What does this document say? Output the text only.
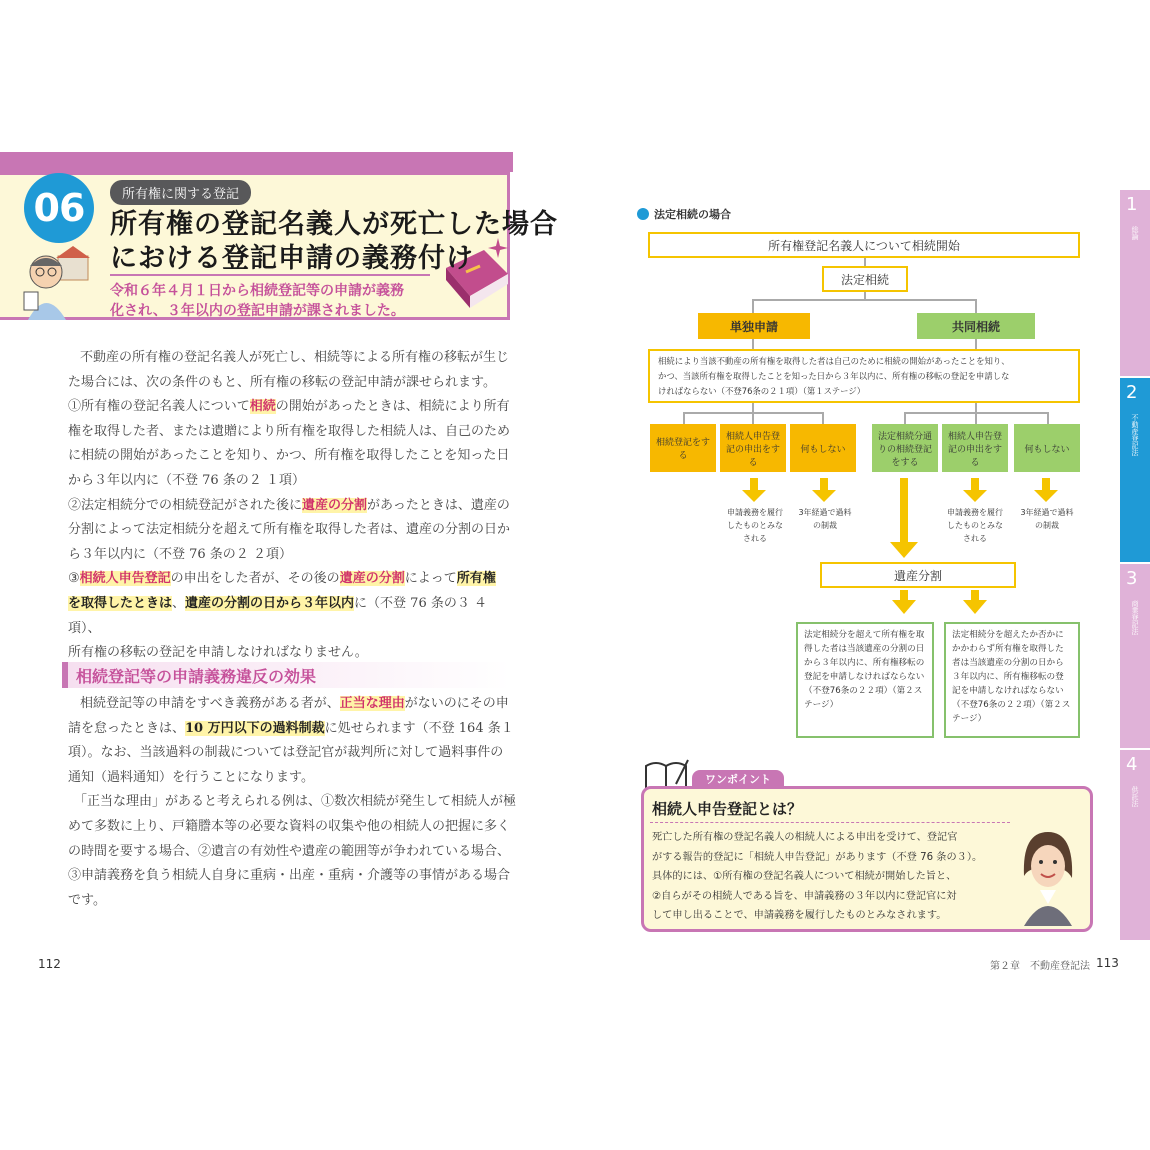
06	所有権に関する登記
所有権の登記名義人が死亡した場合
における登記申請の義務付け
令和６年４月１日から相続登記等の申請が義務
化され、３年以内の登記申請が課されました。
不動産の所有権の登記名義人が死亡し、相続等による所有権の移転が生じ
た場合には、次の条件のもと、所有権の移転の登記申請が課せられます。
①所有権の登記名義人について相続の開始があったときは、相続により所有
権を取得した者、または遺贈により所有権を取得した相続人は、自己のため
に相続の開始があったことを知り、かつ、所有権を取得したことを知った日
から３年以内に（不登 76 条の２ １項）
②法定相続分での相続登記がされた後に遺産の分割があったときは、遺産の
分割によって法定相続分を超えて所有権を取得した者は、遺産の分割の日か
ら３年以内に（不登 76 条の２ ２項）
③相続人申告登記の申出をした者が、その後の遺産の分割によって所有権
を取得したときは、遺産の分割の日から３年以内に（不登 76 条の３ ４項）、
所有権の移転の登記を申請しなければなりません。
相続登記等の申請義務違反の効果
相続登記等の申請をすべき義務がある者が、正当な理由がないのにその申
請を怠ったときは、10 万円以下の過料制裁に処せられます（不登 164 条１
項）。なお、当該過料の制裁については登記官が裁判所に対して過料事件の
通知（過料通知）を行うことになります。
「正当な理由」があると考えられる例は、①数次相続が発生して相続人が極
めて多数に上り、戸籍謄本等の必要な資料の収集や他の相続人の把握に多く
の時間を要する場合、②遺言の有効性や遺産の範囲等が争われている場合、
③申請義務を負う相続人自身に重病・出産・重病・介護等の事情がある場合
です。
112
法定相続の場合
所有権登記名義人について相続開始
法定相続
単独申請	共同相続
相続により当該不動産の所有権を取得した者は自己のために相続の開始があったことを知り、
かつ、当該所有権を取得したことを知った日から３年以内に、所有権の移転の登記を申請しな
ければならない（不登76条の２１項）（第１ステージ）
相続登記をする
相続人申告登記の申出をする
何もしない
法定相続分通りの相続登記をする
相続人申告登記の申出をする
何もしない
申請義務を履行したものとみなされる
3年経過で過料の制裁
申請義務を履行したものとみなされる
3年経過で過料の制裁
遺産分割
法定相続分を超えて所有権を取得した者は当該遺産の分割の日から３年以内に、所有権移転の登記を申請しなければならない（不登76条の２２項）（第２ステージ）
法定相続分を超えたか否かにかかわらず所有権を取得した者は当該遺産の分割の日から３年以内に、所有権移転の登記を申請しなければならない（不登76条の２２項）（第２ステージ）
ワンポイント
相続人申告登記とは？
死亡した所有権の登記名義人の相続人による申出を受けて、登記官
がする報告的登記に「相続人申告登記」があります（不登 76 条の３）。
具体的には、①所有権の登記名義人について相続が開始した旨と、
②自らがその相続人である旨を、申請義務の３年以内に登記官に対
して申し出ることで、申請義務を履行したものとみなされます。
第２章　不動産登記法 113
1
総論
2
不動産登記法
3
商業登記法
4
供託法
